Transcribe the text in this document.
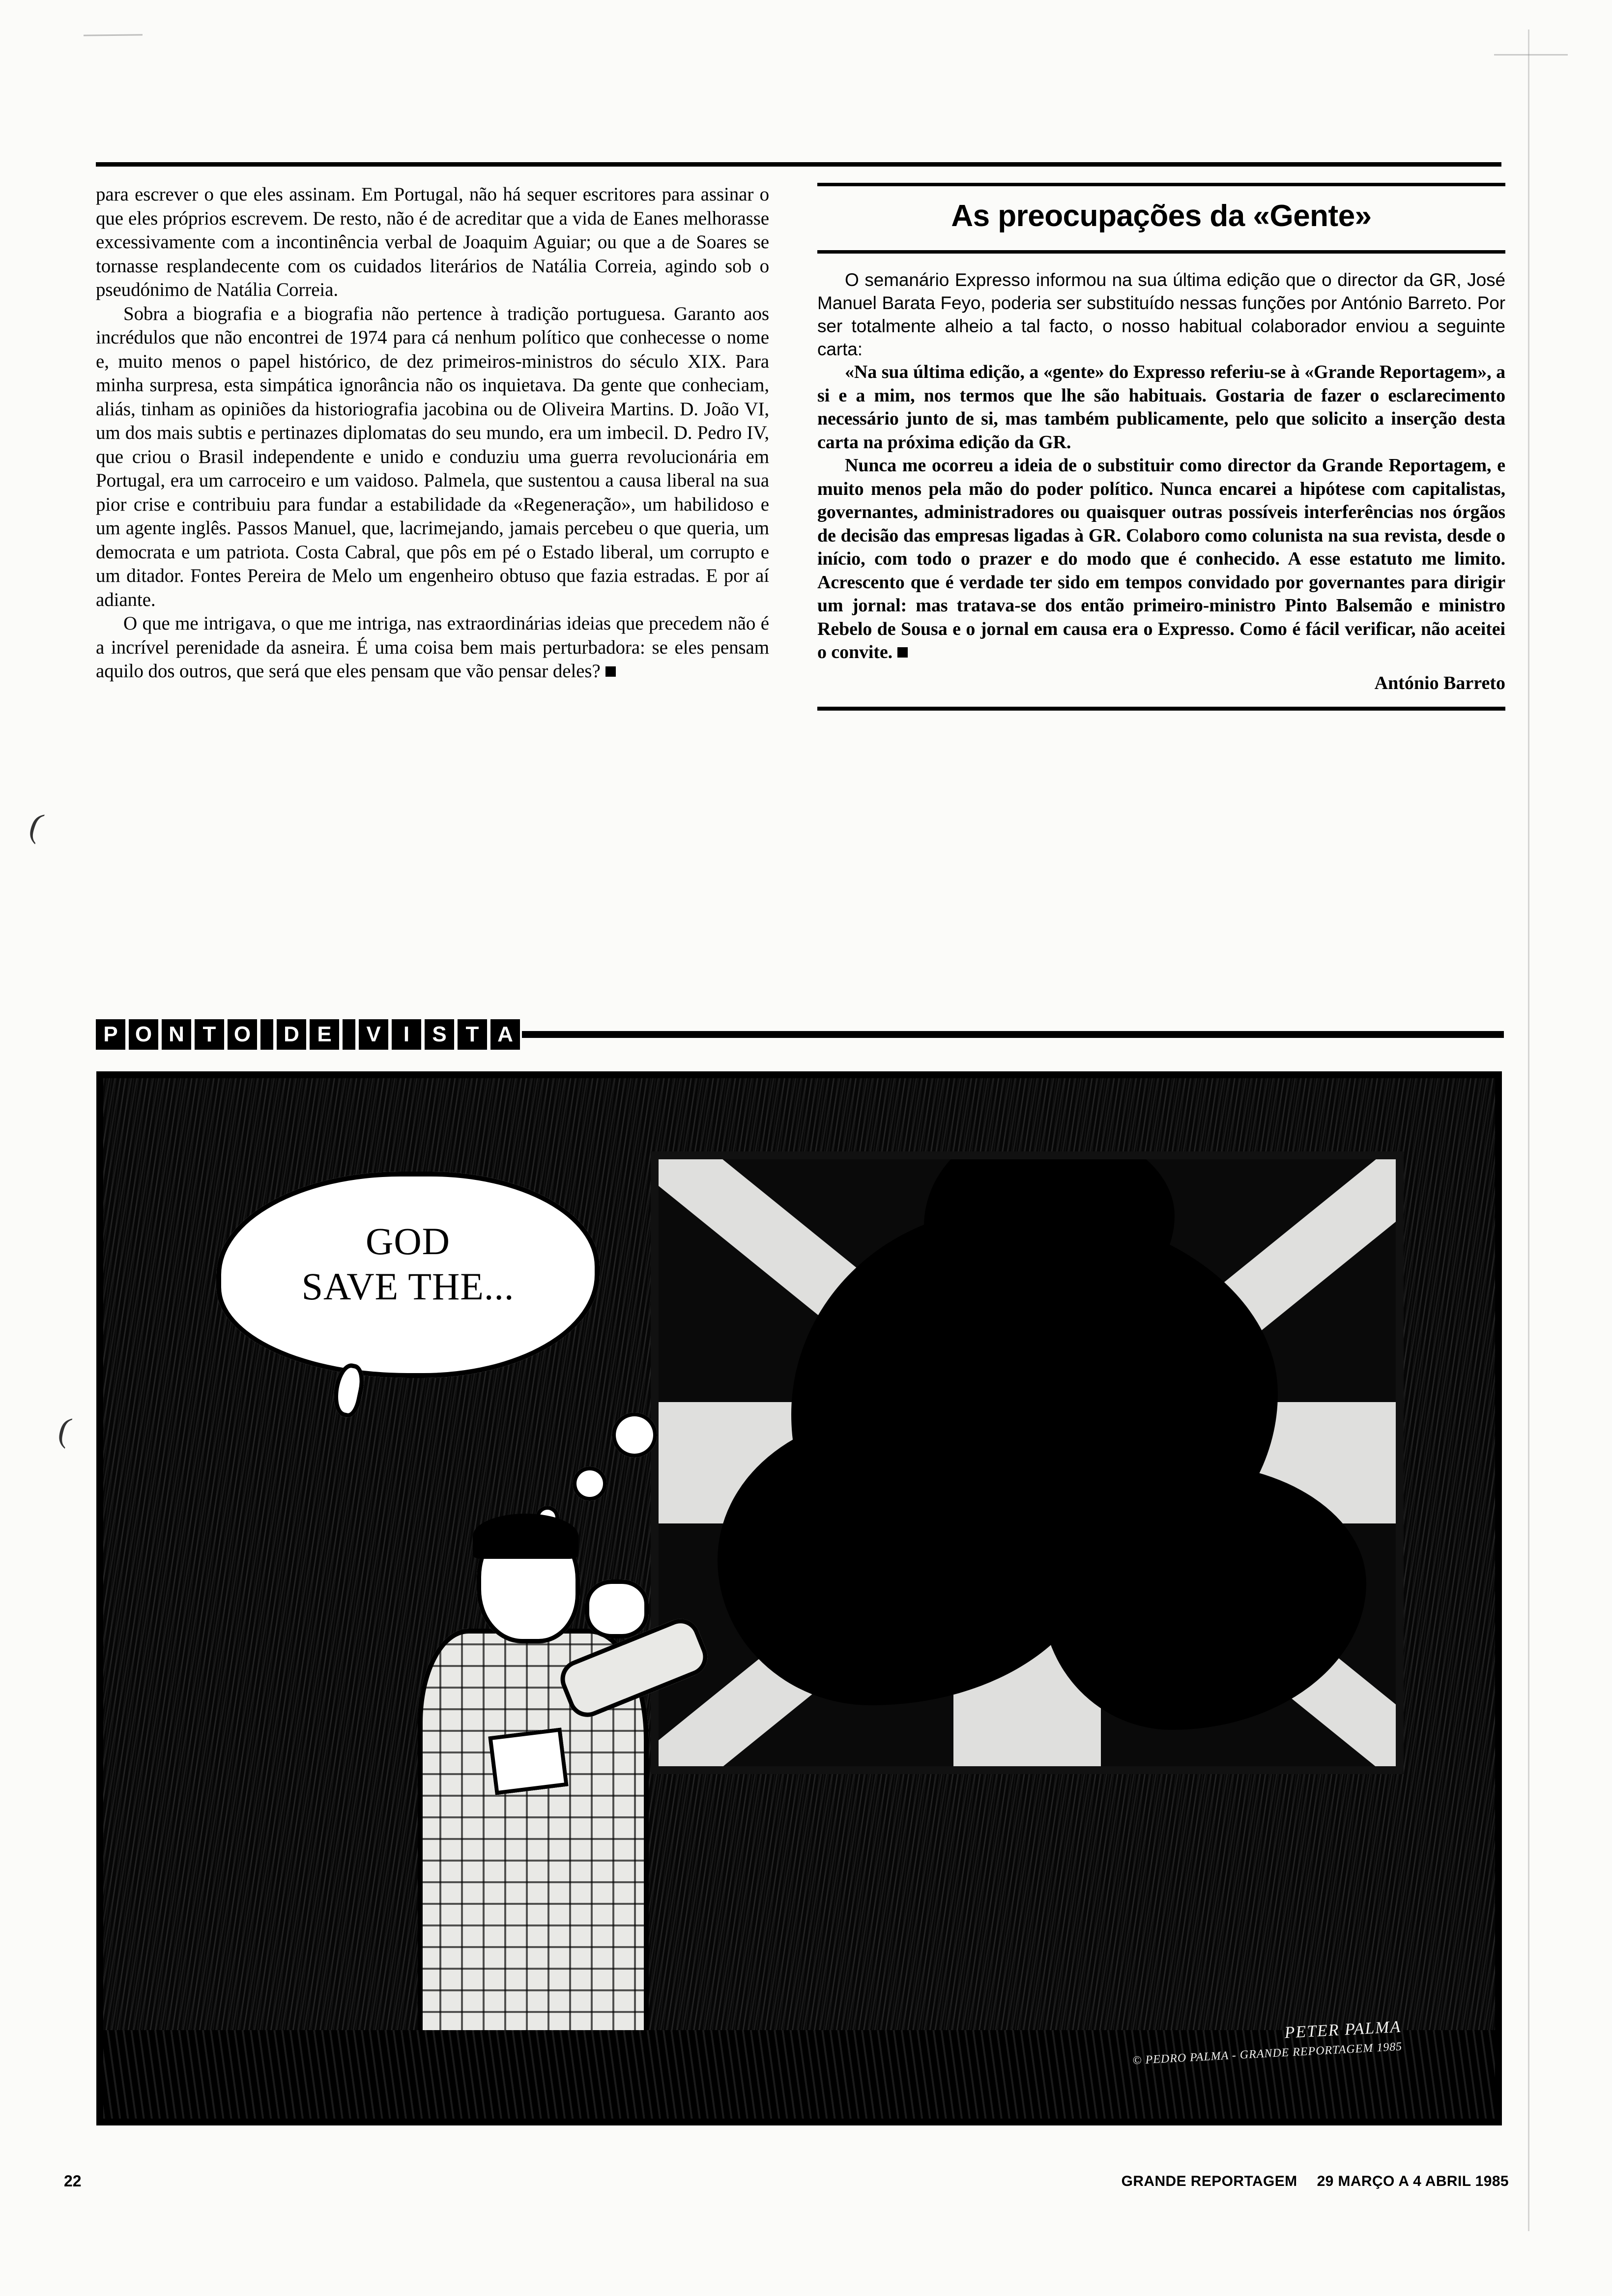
para escrever o que eles assinam. Em Portugal, não há sequer escritores para assinar o que eles próprios escrevem. De resto, não é de acreditar que a vida de Eanes melhorasse excessivamente com a incontinência verbal de Joaquim Aguiar; ou que a de Soares se tornasse resplandecente com os cuidados literários de Natália Correia, agindo sob o pseudónimo de Natália Correia.

Sobra a biografia e a biografia não pertence à tradição portuguesa. Garanto aos incrédulos que não encontrei de 1974 para cá nenhum político que conhecesse o nome e, muito menos o papel histórico, de dez primeiros-ministros do século XIX. Para minha surpresa, esta simpática ignorância não os inquietava. Da gente que conheciam, aliás, tinham as opiniões da historiografia jacobina ou de Oliveira Martins. D. João VI, um dos mais subtis e pertinazes diplomatas do seu mundo, era um imbecil. D. Pedro IV, que criou o Brasil independente e unido e conduziu uma guerra revolucionária em Portugal, era um carroceiro e um vaidoso. Palmela, que sustentou a causa liberal na sua pior crise e contribuiu para fundar a estabilidade da «Regeneração», um habilidoso e um agente inglês. Passos Manuel, que, lacrimejando, jamais percebeu o que queria, um democrata e um patriota. Costa Cabral, que pôs em pé o Estado liberal, um corrupto e um ditador. Fontes Pereira de Melo um engenheiro obtuso que fazia estradas. E por aí adiante.

O que me intrigava, o que me intriga, nas extraordinárias ideias que precedem não é a incrível perenidade da asneira. É uma coisa bem mais perturbadora: se eles pensam aquilo dos outros, que será que eles pensam que vão pensar deles?

As preocupações da «Gente»

O semanário Expresso informou na sua última edição que o director da GR, José Manuel Barata Feyo, poderia ser substituído nessas funções por António Barreto. Por ser totalmente alheio a tal facto, o nosso habitual colaborador enviou a seguinte carta:

«Na sua última edição, a «gente» do Expresso referiu-se à «Grande Reportagem», a si e a mim, nos termos que lhe são habituais. Gostaria de fazer o esclarecimento necessário junto de si, mas também publicamente, pelo que solicito a inserção desta carta na próxima edição da GR.

Nunca me ocorreu a ideia de o substituir como director da Grande Reportagem, e muito menos pela mão do poder político. Nunca encarei a hipótese com capitalistas, governantes, administradores ou quaisquer outras possíveis interferências nos órgãos de decisão das empresas ligadas à GR. Colaboro como colunista na sua revista, desde o início, com todo o prazer e do modo que é conhecido. A esse estatuto me limito. Acrescento que é verdade ter sido em tempos convidado por governantes para dirigir um jornal: mas tratava-se dos então primeiro-ministro Pinto Balsemão e ministro Rebelo de Sousa e o jornal em causa era o Expresso. Como é fácil verificar, não aceitei o convite.

António Barreto
P O N T O	D E	V	I	S T A
GOD
SAVE THE...
PETER PALMA
© PEDRO PALMA - GRANDE REPORTAGEM 1985
(
(
22	GRANDE REPORTAGEM 29 MARÇO A 4 ABRIL 1985
